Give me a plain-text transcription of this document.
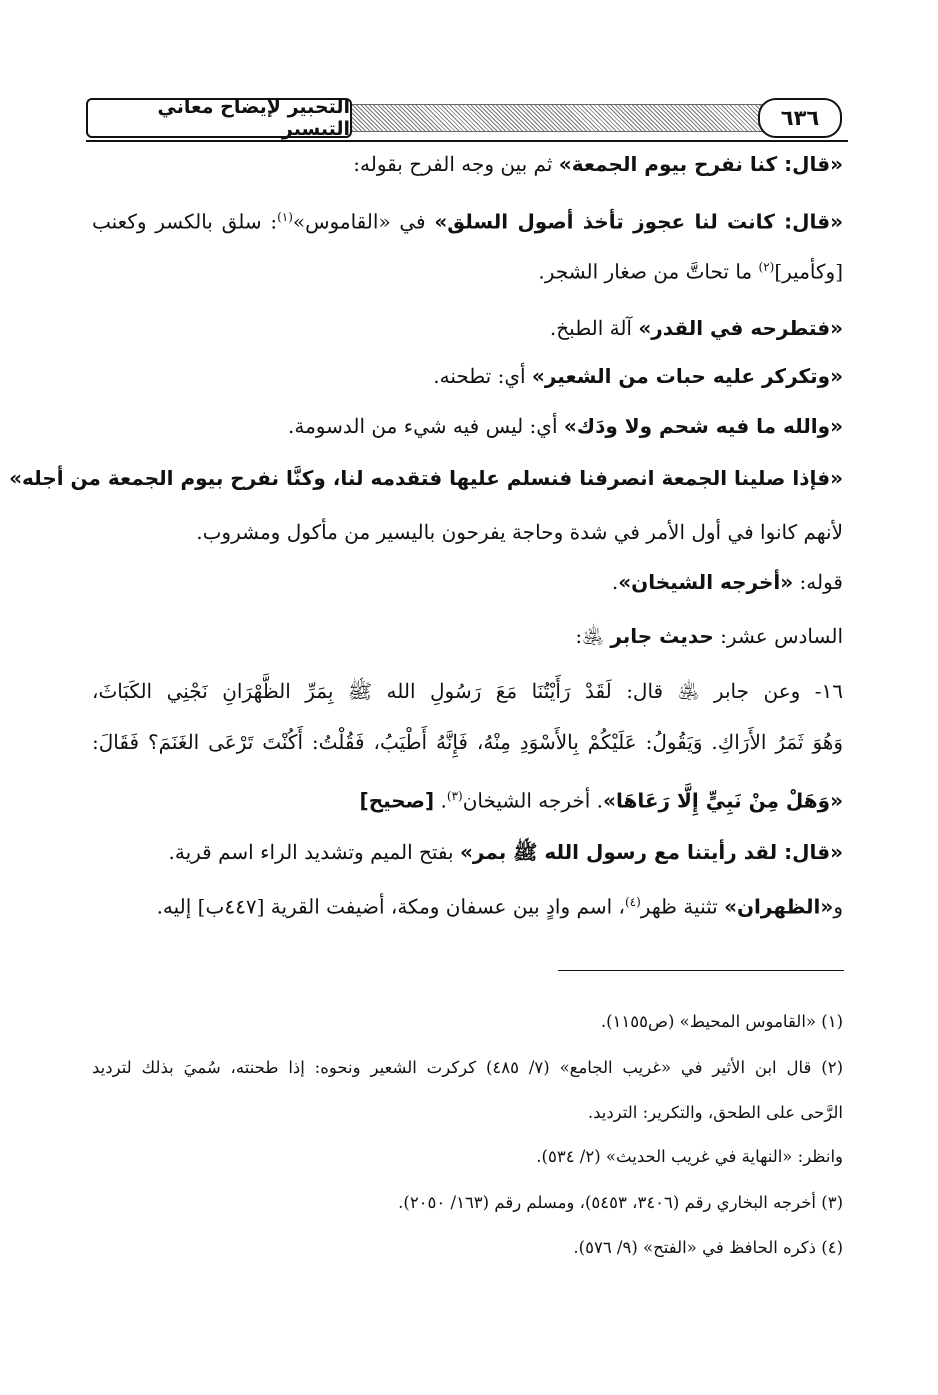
التحبير لإيضاح معاني التيسير	٦٣٦
«قال: كنا نفرح بيوم الجمعة» ثم بين وجه الفرح بقوله:
«قال: كانت لنا عجوز تأخذ أصول السلق» في «القاموس»$^{(١)}$: سلق بالكسر وكعنب
[وكأمير]$^{(٢)}$ ما تحاتَّ من صغار الشجر.
«فتطرحه في القدر» آلة الطبخ.
«وتكركر عليه حبات من الشعير» أي: تطحنه.
«والله ما فيه شحم ولا ودَك» أي: ليس فيه شيء من الدسومة.
«فإذا صلينا الجمعة انصرفنا فنسلم عليها فتقدمه لنا، وكنَّا نفرح بيوم الجمعة من أجله»
لأنهم كانوا في أول الأمر في شدة وحاجة يفرحون باليسير من مأكول ومشروب.
قوله: «أخرجه الشيخان».
السادس عشر: حديث جابر ﵁:
١٦- وعن جابر ﵁ قال: لَقَدْ رَأَيْتُنَا مَعَ رَسُولِ الله ﷺ بِمَرِّ الظَّهْرَانِ نَجْنِي الكَبَاثَ،
وَهُوَ ثَمَرُ الأَرَاكِ. وَيَقُولُ: عَلَيْكُمْ بِالأَسْوَدِ مِنْهُ، فَإِنَّهُ أَطْيَبُ، فَقُلْتُ: أَكُنْتَ تَرْعَى الغَنَمَ؟ فَقَالَ:
«وَهَلْ مِنْ نَبِيٍّ إِلَّا رَعَاهَا». أخرجه الشيخان$^{(٣)}$. [صحيح]
«قال: لقد رأيتنا مع رسول الله ﷺ بمر» بفتح الميم وتشديد الراء اسم قرية.
و«الظهران» تثنية ظهر$^{(٤)}$، اسم وادٍ بين عسفان ومكة، أضيفت القرية [٤٤٧ب] إليه.
(١) «القاموس المحيط» (ص١١٥٥).
(٢) قال ابن الأثير في «غريب الجامع» (٧/ ٤٨٥) كركرت الشعير ونحوه: إذا طحنته، سُميَ بذلك لترديد
الرَّحى على الطحق، والتكرير: الترديد.
وانظر: «النهاية في غريب الحديث» (٢/ ٥٣٤).
(٣) أخرجه البخاري رقم (٣٤٠٦، ٥٤٥٣)، ومسلم رقم (١٦٣/ ٢٠٥٠).
(٤) ذكره الحافظ في «الفتح» (٩/ ٥٧٦).
